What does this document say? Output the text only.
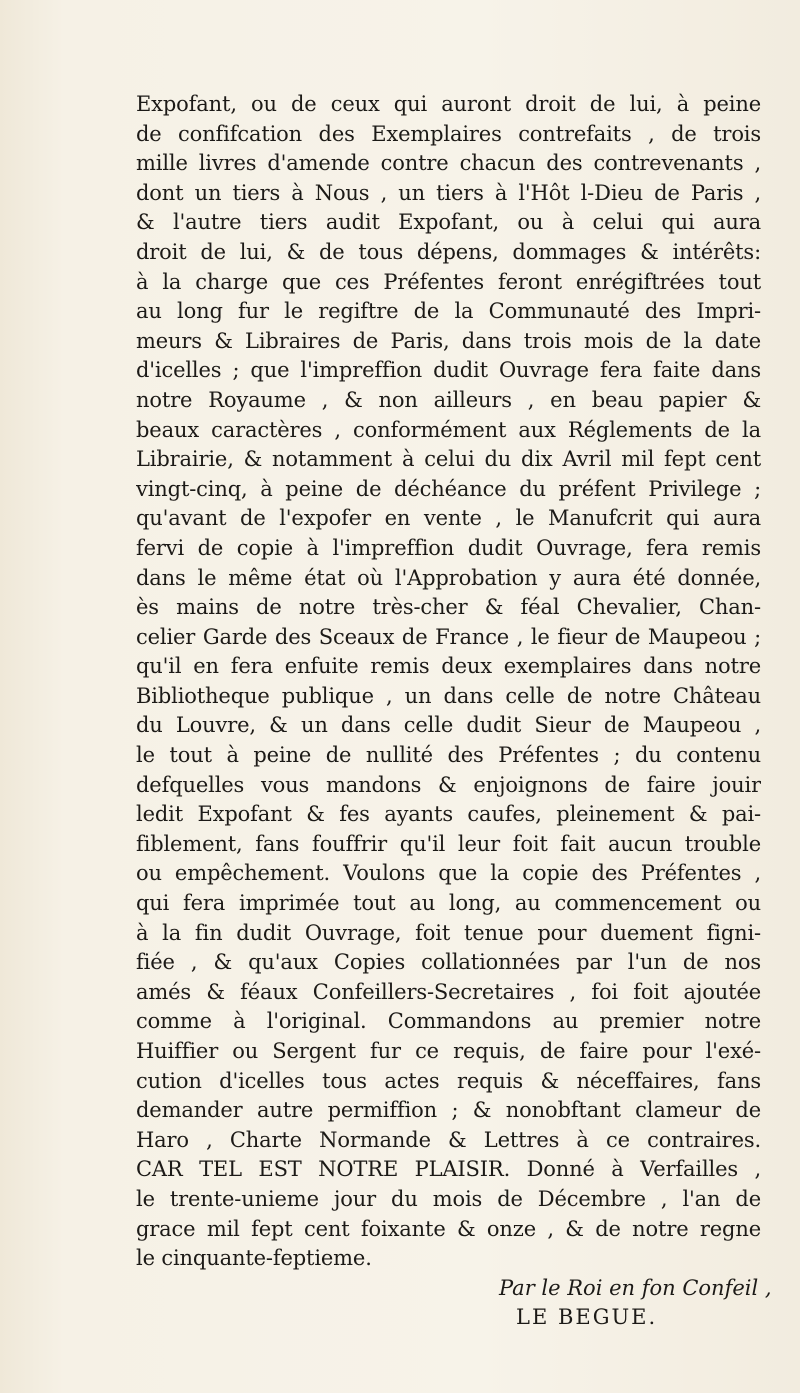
Expofant, ou de ceux qui auront droit de lui, à peine
de confifcation des Exemplaires contrefaits , de trois
mille livres d'amende contre chacun des contrevenants ,
dont un tiers à Nous , un tiers à l'Hôt l-Dieu de Paris ,
& l'autre tiers audit Expofant, ou à celui qui aura
droit de lui, & de tous dépens, dommages & intérêts:
à la charge que ces Préfentes feront enrégiftrées tout
au long fur le regiftre de la Communauté des Impri-
meurs & Libraires de Paris, dans trois mois de la date
d'icelles ; que l'impreffion dudit Ouvrage fera faite dans
notre Royaume , & non ailleurs , en beau papier &
beaux caractères , conformément aux Réglements de la
Librairie, & notamment à celui du dix Avril mil fept cent
vingt-cinq, à peine de déchéance du préfent Privilege ;
qu'avant de l'expofer en vente , le Manufcrit qui aura
fervi de copie à l'impreffion dudit Ouvrage, fera remis
dans le même état où l'Approbation y aura été donnée,
ès mains de notre très-cher & féal Chevalier, Chan-
celier Garde des Sceaux de France , le fieur de Maupeou ;
qu'il en fera enfuite remis deux exemplaires dans notre
Bibliotheque publique , un dans celle de notre Château
du Louvre, & un dans celle dudit Sieur de Maupeou ,
le tout à peine de nullité des Préfentes ; du contenu
defquelles vous mandons & enjoignons de faire jouir
ledit Expofant & fes ayants caufes, pleinement & pai-
fiblement, fans fouffrir qu'il leur foit fait aucun trouble
ou empêchement. Voulons que la copie des Préfentes ,
qui fera imprimée tout au long, au commencement ou
à la fin dudit Ouvrage, foit tenue pour duement figni-
fiée , & qu'aux Copies collationnées par l'un de nos
amés & féaux Confeillers-Secretaires , foi foit ajoutée
comme à l'original. Commandons au premier notre
Huiffier ou Sergent fur ce requis, de faire pour l'exé-
cution d'icelles tous actes requis & néceffaires, fans
demander autre permiffion ; & nonobftant clameur de
Haro , Charte Normande & Lettres à ce contraires.
CAR TEL EST NOTRE PLAISIR. Donné à Verfailles ,
le trente-unieme jour du mois de Décembre , l'an de
grace mil fept cent foixante & onze , & de notre regne
le cinquante-feptieme.
Par le Roi en fon Confeil ,
LE BEGUE.
